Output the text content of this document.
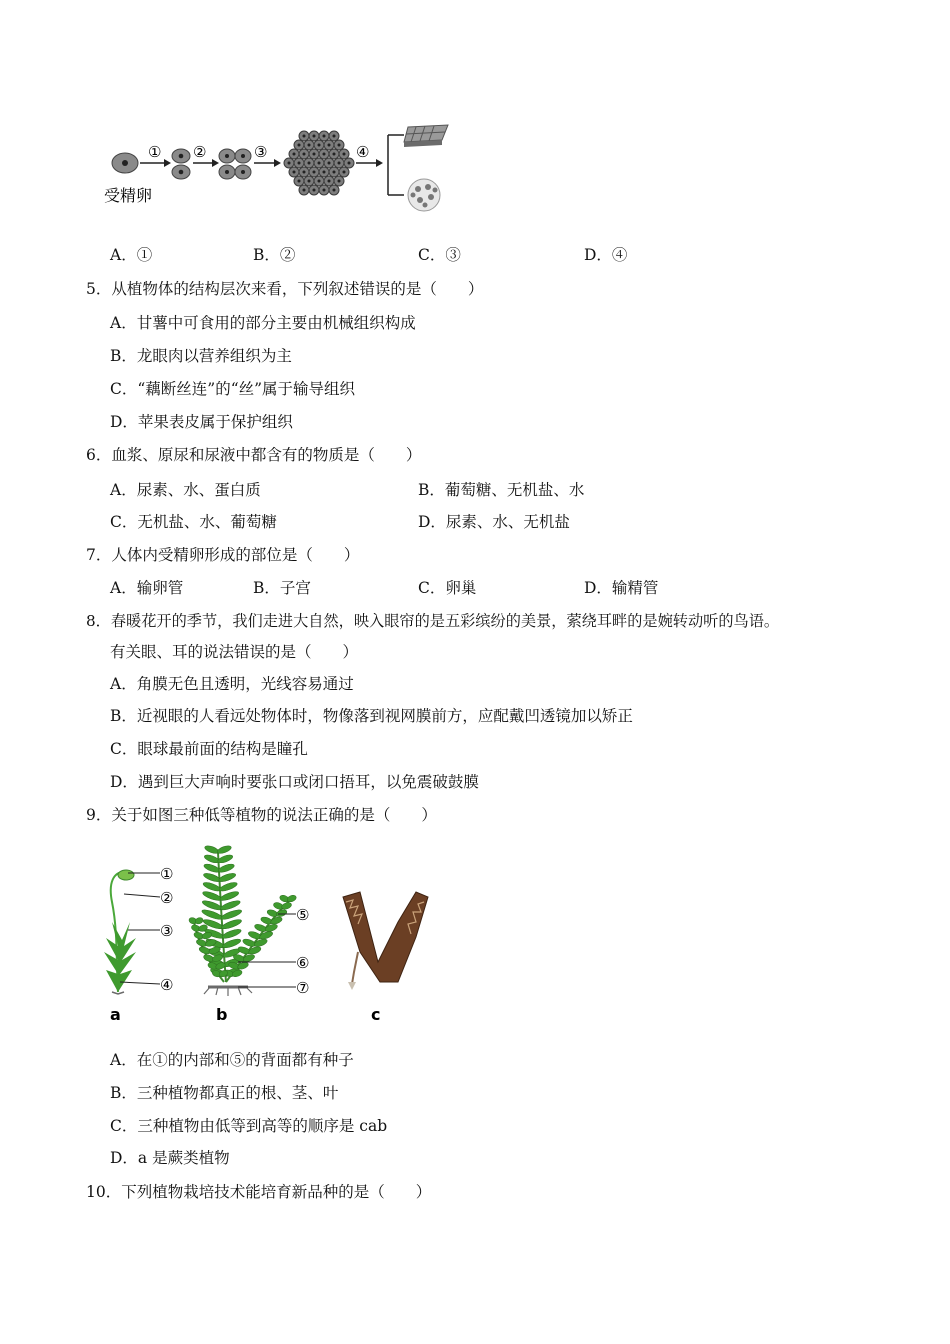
① ②	③	④
受精卵
A．①	B．②	C．③	D．④
5．从植物体的结构层次来看，下列叙述错误的是（　　）
A．甘薯中可食用的部分主要由机械组织构成
B．龙眼肉以营养组织为主
C．“藕断丝连”的“丝”属于输导组织
D．苹果表皮属于保护组织
6．血浆、原尿和尿液中都含有的物质是（　　）
A．尿素、水、蛋白质	B．葡萄糖、无机盐、水
C．无机盐、水、葡萄糖	D．尿素、水、无机盐
7．人体内受精卵形成的部位是（　　）
A．输卵管	B．子宫	C．卵巢	D．输精管
8．春暖花开的季节，我们走进大自然，映入眼帘的是五彩缤纷的美景，萦绕耳畔的是婉转动听的鸟语。
有关眼、耳的说法错误的是（　　）
A．角膜无色且透明，光线容易通过
B．近视眼的人看远处物体时，物像落到视网膜前方，应配戴凹透镜加以矫正
C．眼球最前面的结构是瞳孔
D．遇到巨大声响时要张口或闭口捂耳，以免震破鼓膜
9．关于如图三种低等植物的说法正确的是（　　）
①
②
③
④
⑤
⑥
⑦
a	b	c
A．在①的内部和⑤的背面都有种子
B．三种植物都真正的根、茎、叶
C．三种植物由低等到高等的顺序是 cab
D．a 是蕨类植物
10．下列植物栽培技术能培育新品种的是（　　）
